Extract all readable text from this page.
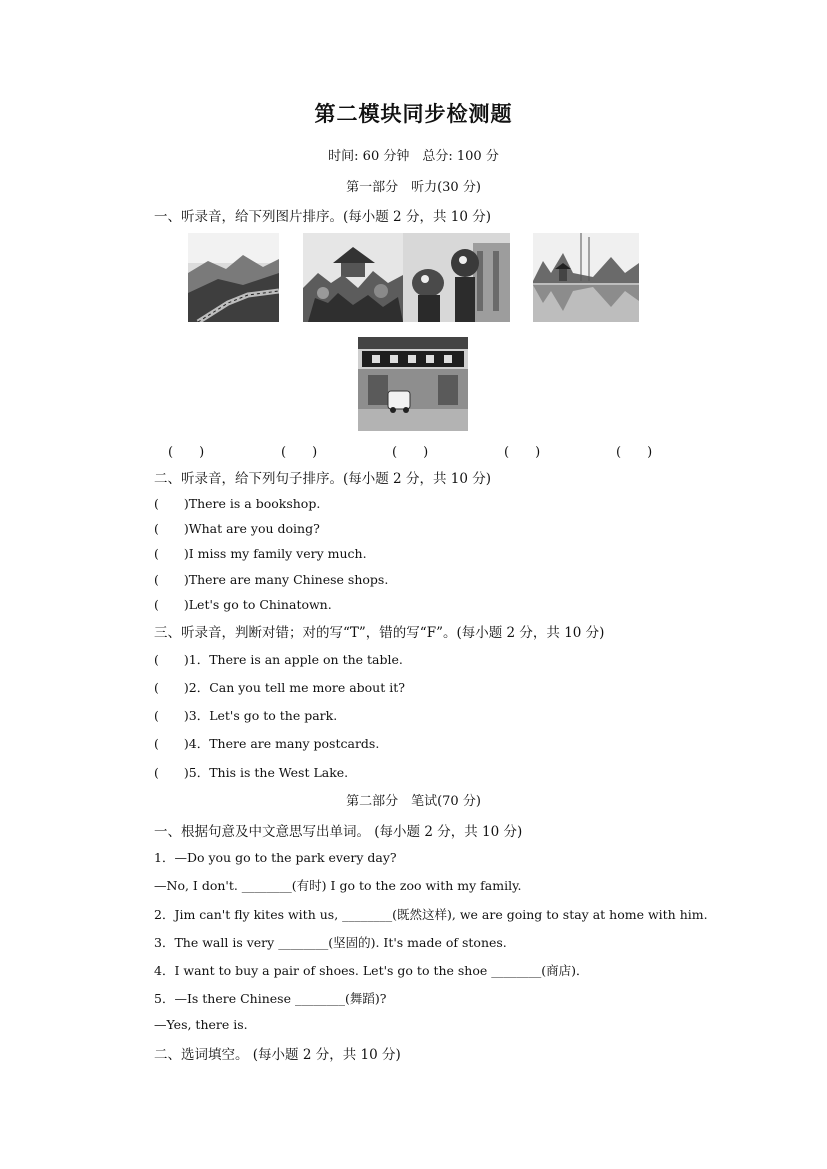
第二模块同步检测题
时间: 60 分钟　总分: 100 分
第一部分　听力(30 分)
一、听录音，给下列图片排序。(每小题 2 分，共 10 分)
(　　)	(　　)	(　　)	(　　)	(　　)
二、听录音，给下列句子排序。(每小题 2 分，共 10 分)
(　　)There is a bookshop.
(　　)What are you doing?
(　　)I miss my family very much.
(　　)There are many Chinese shops.
(　　)Let's go to Chinatown.
三、听录音，判断对错；对的写“T”，错的写“F”。(每小题 2 分，共 10 分)
(　　)1．There is an apple on the table.
(　　)2．Can you tell me more about it?
(　　)3．Let's go to the park.
(　　)4．There are many postcards.
(　　)5．This is the West Lake.
第二部分　笔试(70 分)
一、根据句意及中文意思写出单词。 (每小题 2 分，共 10 分)
1．—Do you go to the park every day?
—No, I don't. ________(有时) I go to the zoo with my family.
2．Jim can't fly kites with us, ________(既然这样), we are going to stay at home with him.
3．The wall is very ________(坚固的). It's made of stones.
4．I want to buy a pair of shoes. Let's go to the shoe ________(商店)．
5．—Is there Chinese ________(舞蹈)?
—Yes, there is.
二、选词填空。 (每小题 2 分，共 10 分)
